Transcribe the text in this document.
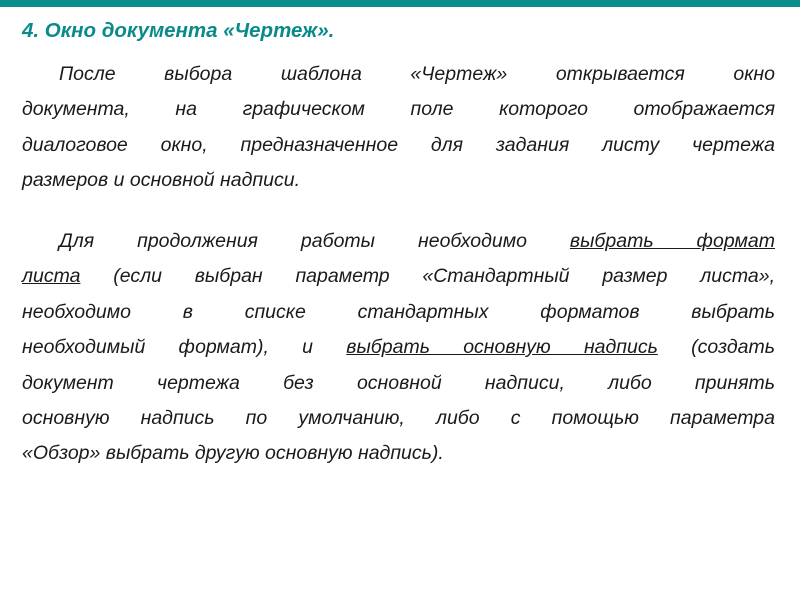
4. Окно документа «Чертеж».
После выбора шаблона «Чертеж» открывается окно
документа, на графическом поле которого отображается
диалоговое окно, предназначенное для задания листу чертежа
размеров и основной надписи.
Для продолжения работы необходимо выбрать формат
листа (если выбран параметр «Стандартный размер листа»,
необходимо в списке стандартных форматов выбрать
необходимый формат), и выбрать основную надпись (создать
документ чертежа без основной надписи, либо принять
основную надпись по умолчанию, либо с помощью параметра
«Обзор» выбрать другую основную надпись).
